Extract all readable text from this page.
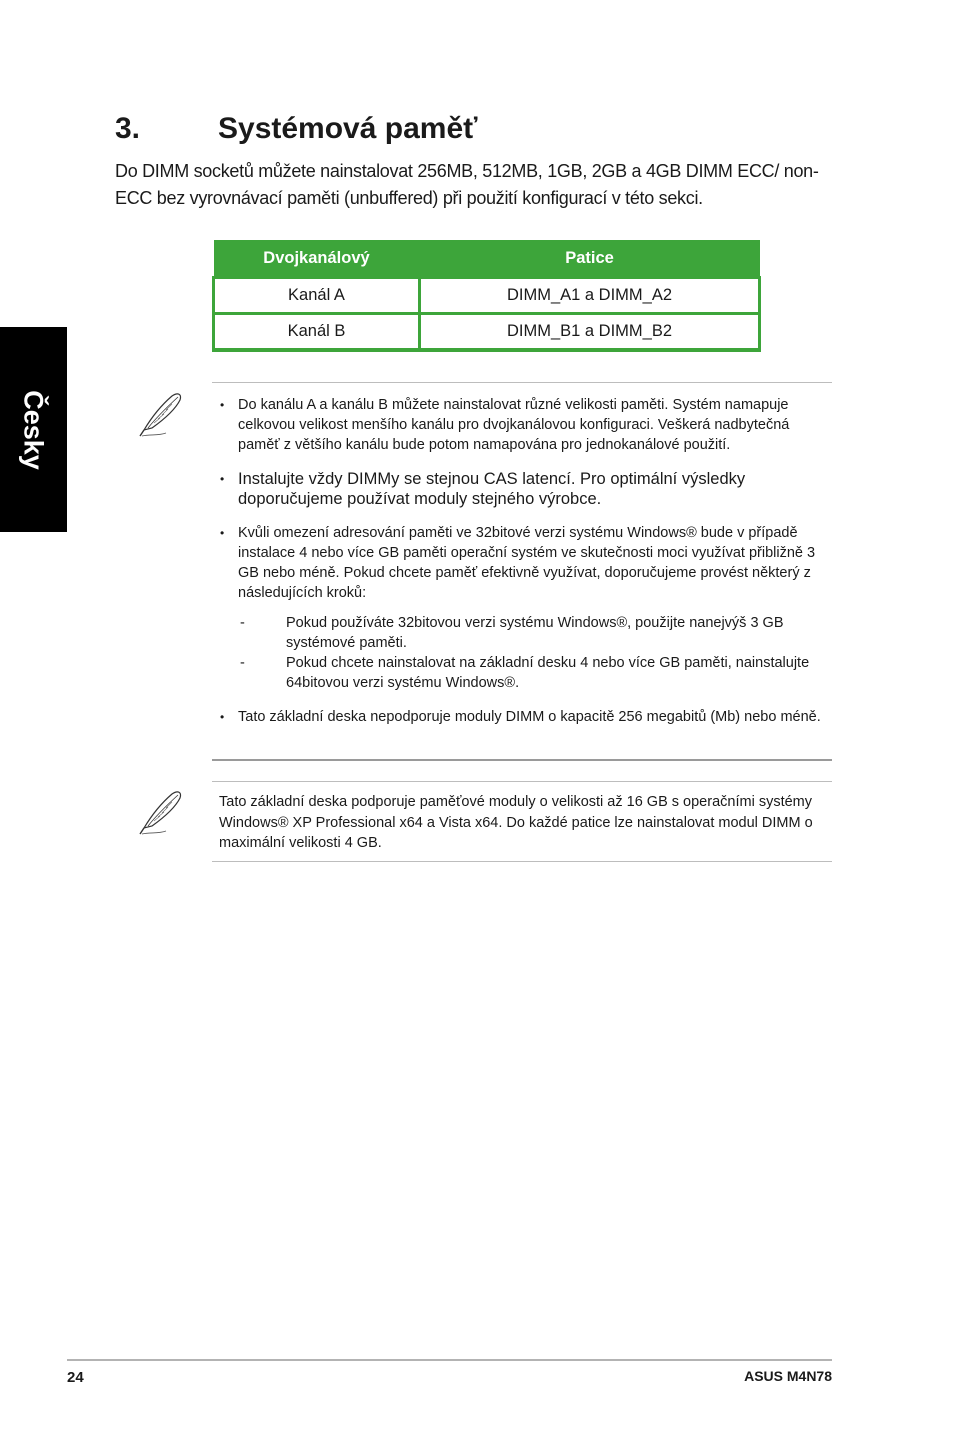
Česky
3.	Systémová paměť

Do DIMM socketů můžete nainstalovat 256MB, 512MB, 1GB, 2GB a 4GB DIMM ECC/ non-ECC bez vyrovnávací paměti (unbuffered) při použití konfigurací v této sekci.

Dvojkanálový	Patice
Kanál A	DIMM_A1 a DIMM_A2
Kanál B	DIMM_B1 a DIMM_B2
• Do kanálu A a kanálu B můžete nainstalovat různé velikosti paměti. Systém namapuje celkovou velikost menšího kanálu pro dvojkanálovou konfiguraci. Veškerá nadbytečná paměť z většího kanálu bude potom namapována pro jednokanálové použití.
• Instalujte vždy DIMMy se stejnou CAS latencí. Pro optimální výsledky doporučujeme používat moduly stejného výrobce.
• Kvůli omezení adresování paměti ve 32bitové verzi systému Windows® bude v případě instalace 4 nebo více GB paměti operační systém ve skutečnosti moci využívat přibližně 3 GB nebo méně. Pokud chcete paměť efektivně využívat, doporučujeme provést některý z následujících kroků:
- Pokud používáte 32bitovou verzi systému Windows®, použijte nanejvýš 3 GB systémové paměti.
- Pokud chcete nainstalovat na základní desku 4 nebo více GB paměti, nainstalujte 64bitovou verzi systému Windows®.
• Tato základní deska nepodporuje moduly DIMM o kapacitě 256 megabitů (Mb) nebo méně.

Tato základní deska podporuje paměťové moduly o velikosti až 16 GB s operačními systémy Windows® XP Professional x64 a Vista x64. Do každé patice lze nainstalovat modul DIMM o maximální velikosti 4 GB.

24	ASUS M4N78
